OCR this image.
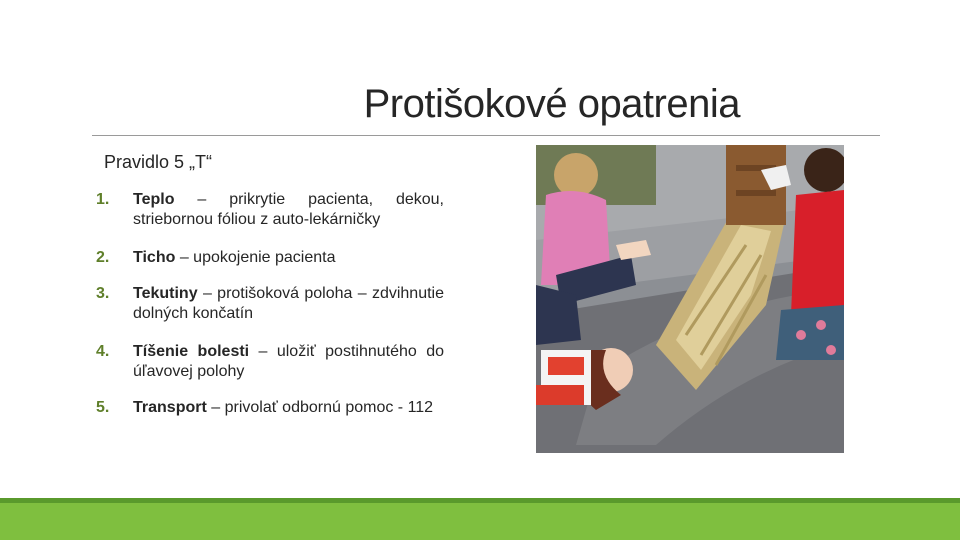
Protišokové opatrenia
Pravidlo 5 „T“
1.	Teplo – prikrytie pacienta, dekou, striebornou fóliou z auto-lekárničky
2.	Ticho – upokojenie pacienta
3.	Tekutiny – protišoková poloha – zdvihnutie dolných končatín
4.	Tíšenie bolesti – uložiť postihnutého do úľavovej polohy
5.	Transport – privolať odbornú pomoc - 112
